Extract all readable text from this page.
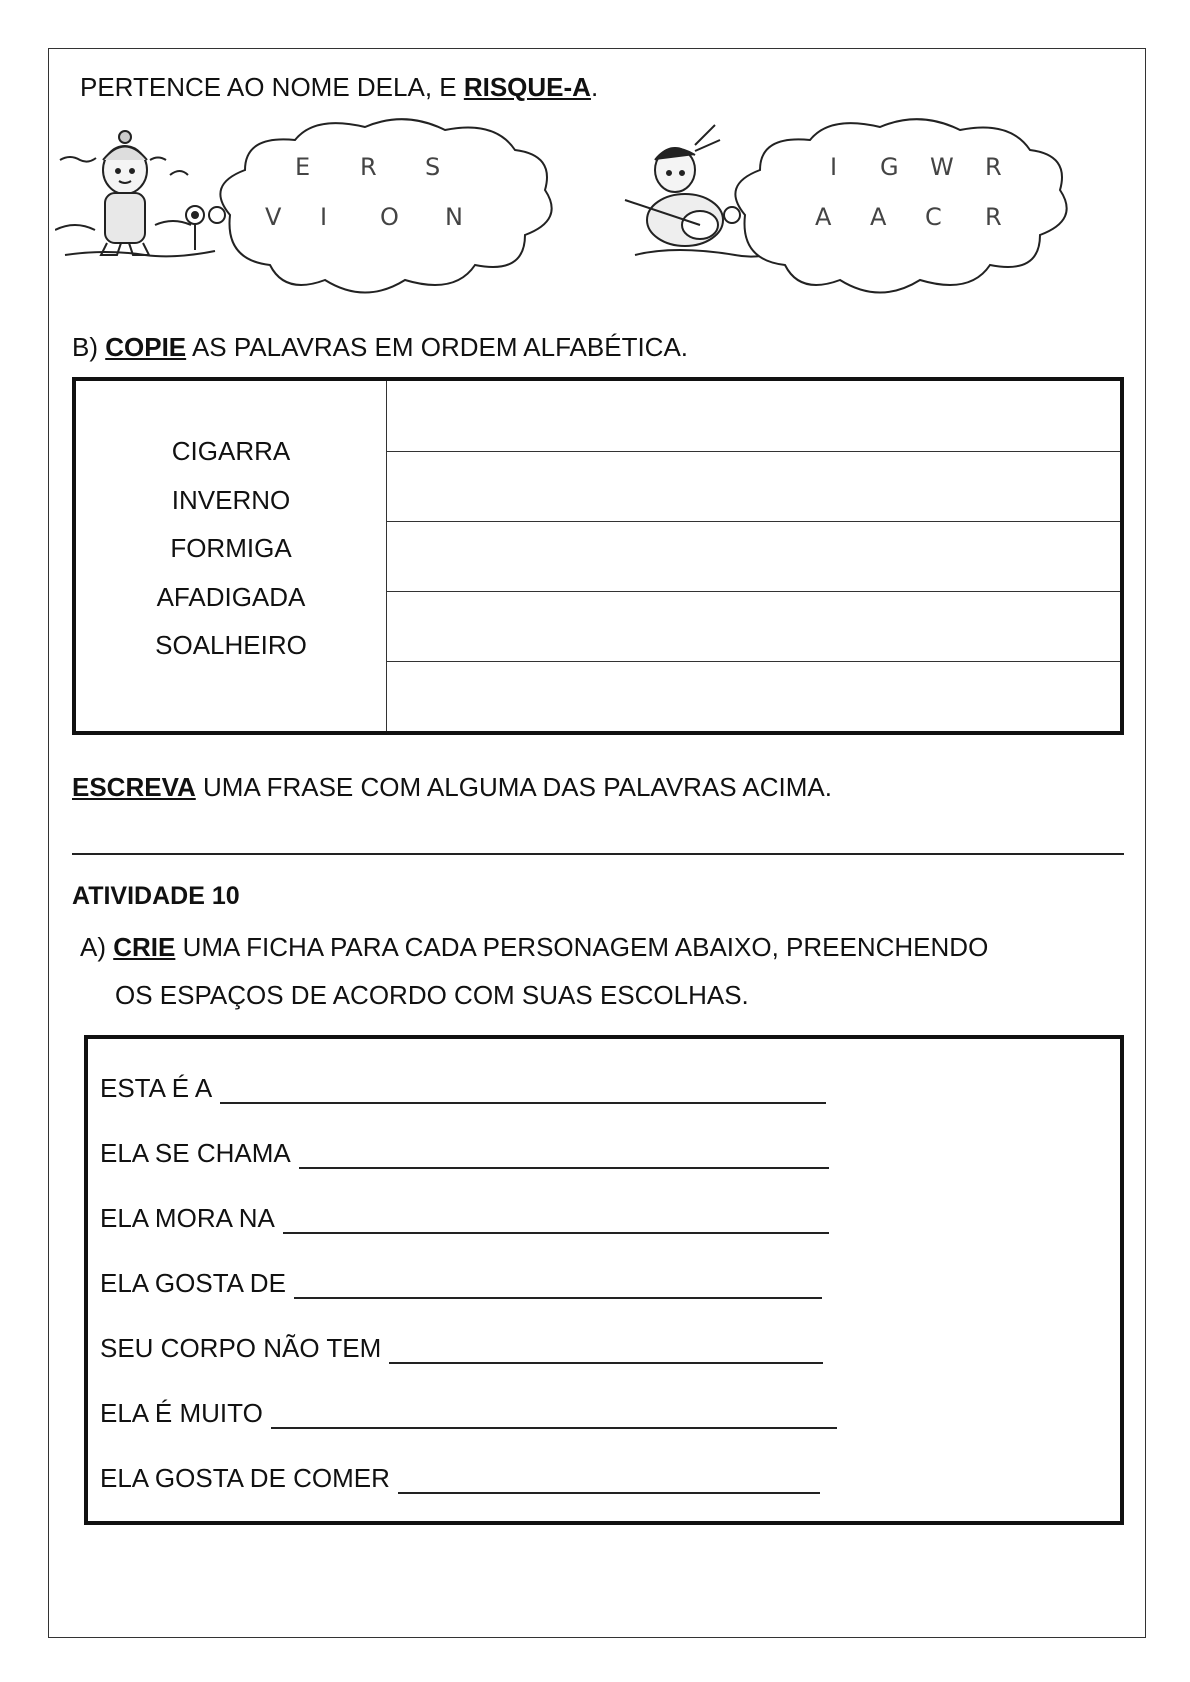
PERTENCE AO NOME DELA, E RISQUE-A.
E R S
V I O N
I G W R
A A C R
B) COPIE AS PALAVRAS EM ORDEM ALFABÉTICA.
CIGARRA
INVERNO
FORMIGA
AFADIGADA
SOALHEIRO
ESCREVA UMA FRASE COM ALGUMA DAS PALAVRAS ACIMA.
ATIVIDADE 10
A) CRIE UMA FICHA PARA CADA PERSONAGEM ABAIXO, PREENCHENDO
OS ESPAÇOS DE ACORDO COM SUAS ESCOLHAS.
ESTA É A
ELA SE CHAMA
ELA MORA NA
ELA GOSTA DE
SEU CORPO NÃO TEM
ELA É MUITO
ELA GOSTA DE COMER
